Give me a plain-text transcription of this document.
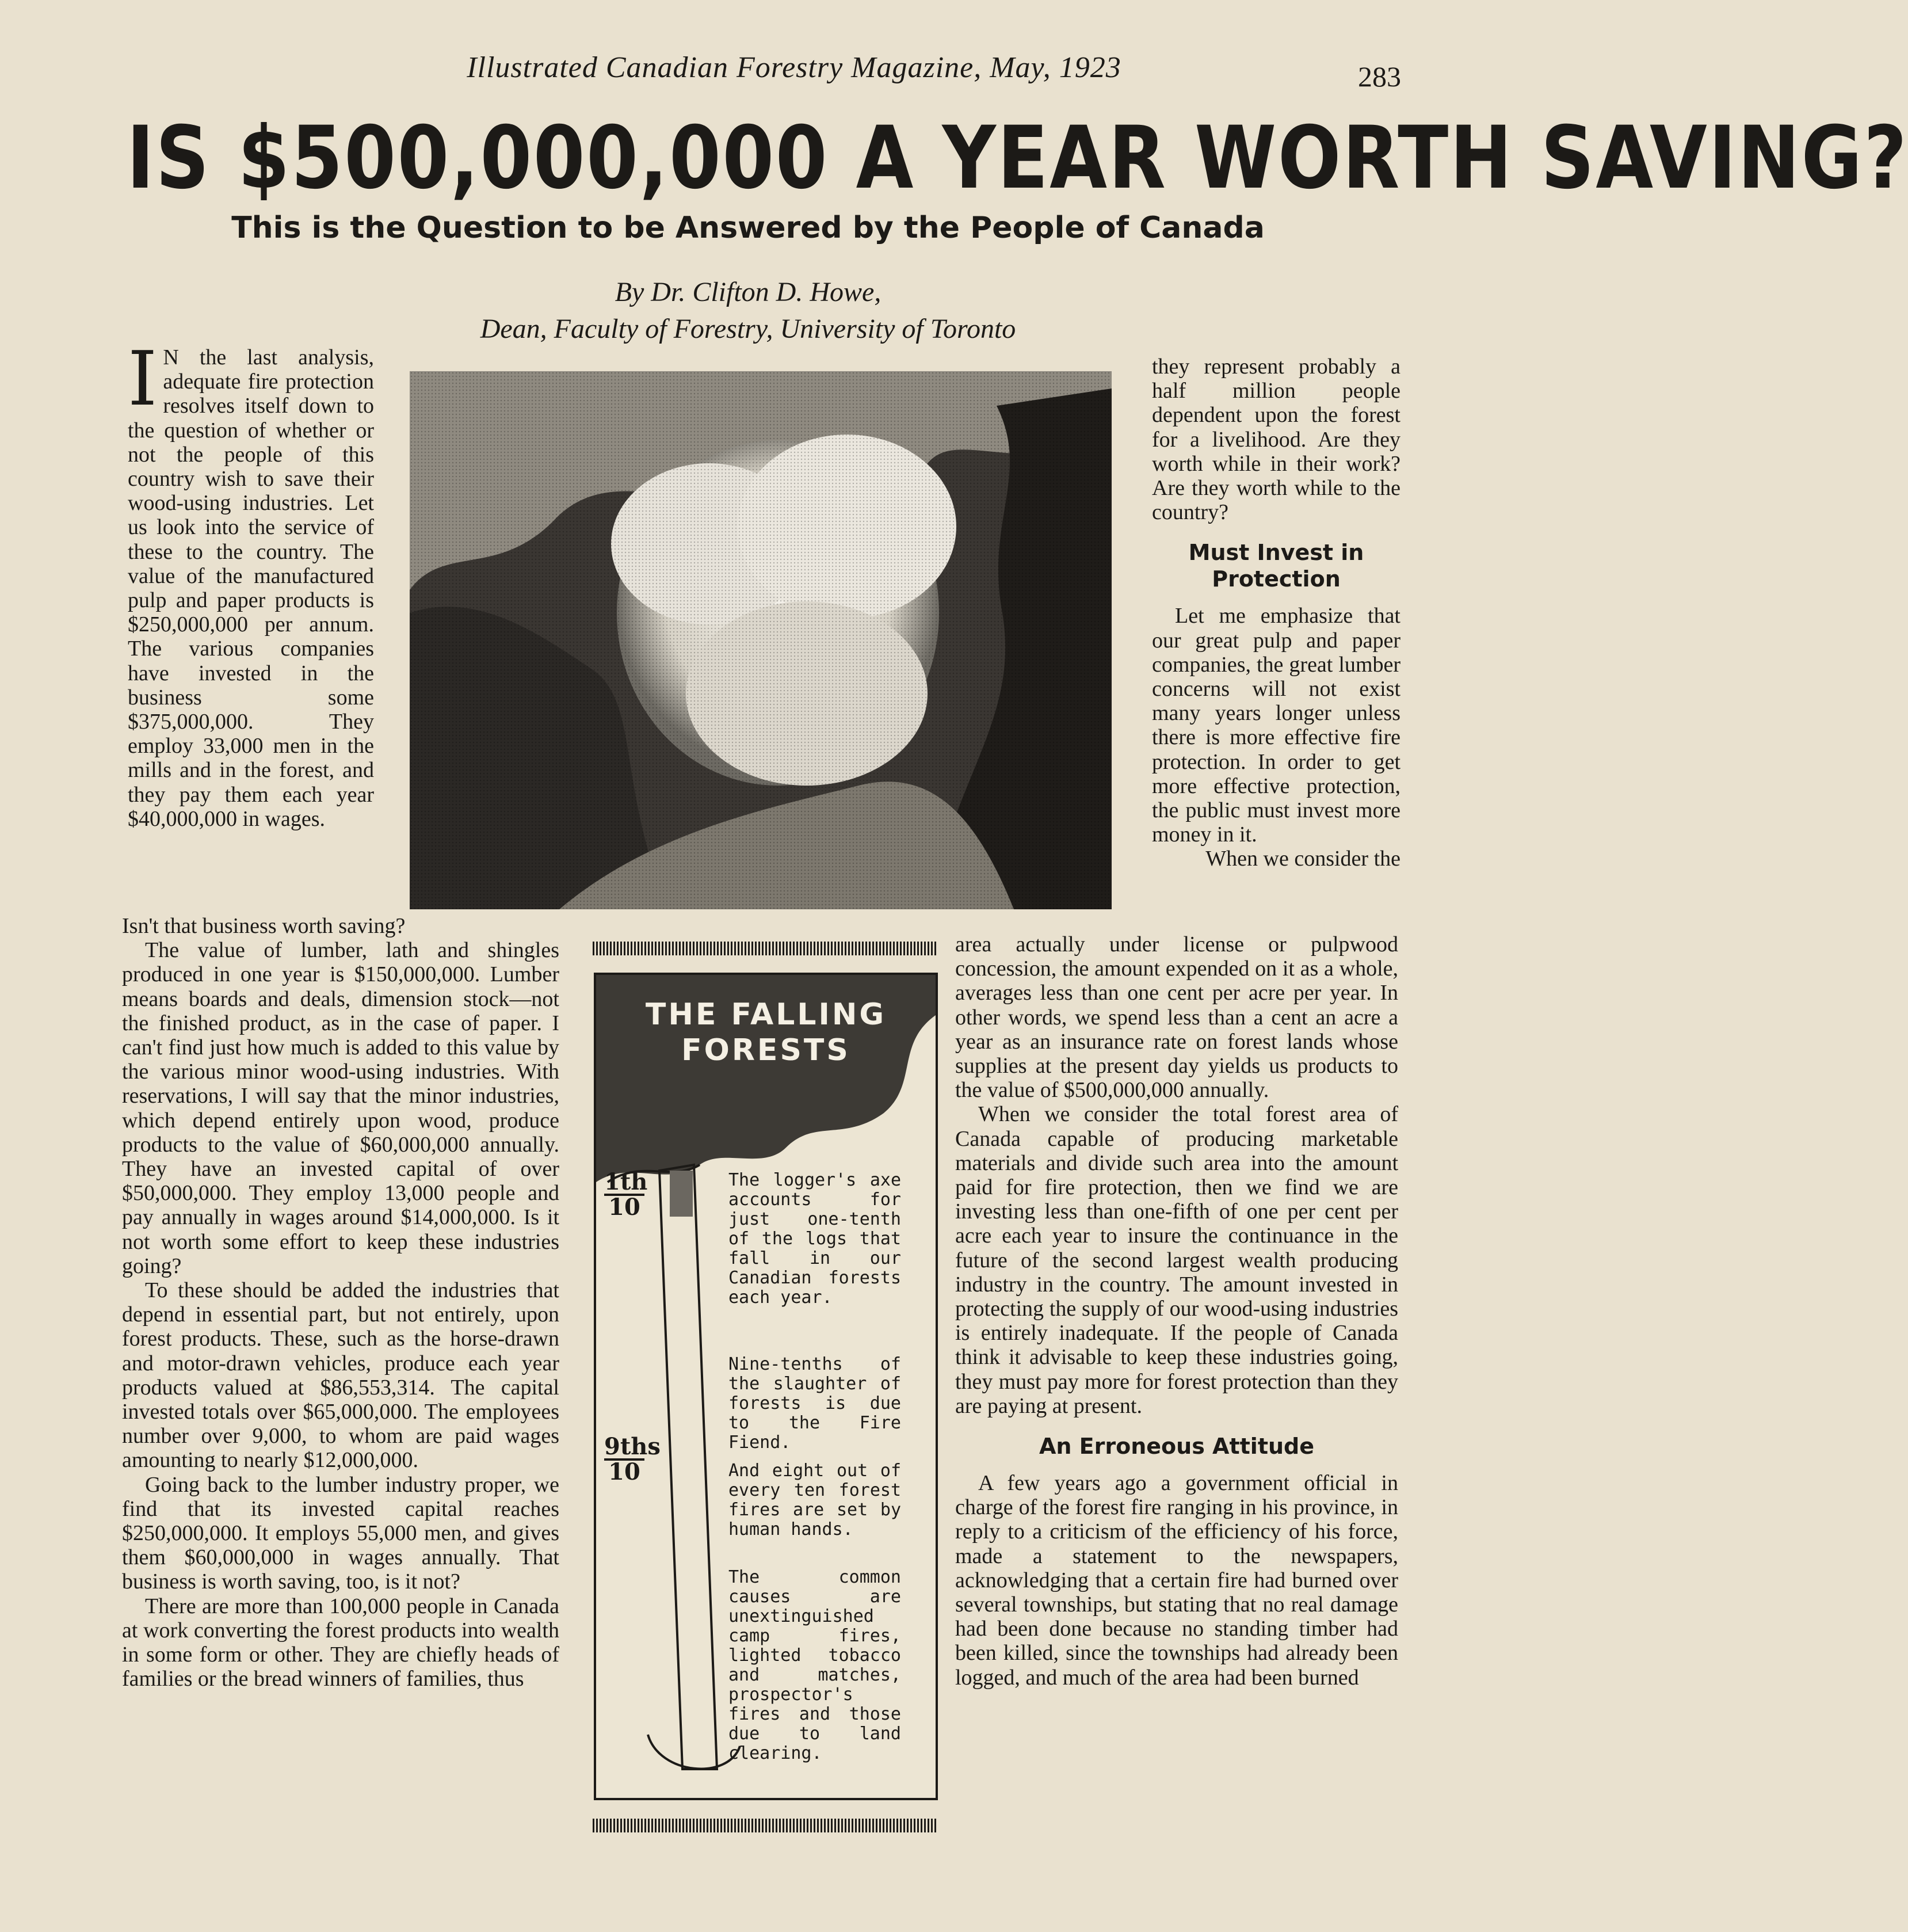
Illustrated Canadian Forestry Magazine, May, 1923	283
IS $500,000,000 A YEAR WORTH SAVING?
This is the Question to be Answered by the People of Canada
By Dr. Clifton D. Howe,
Dean, Faculty of Forestry, University of Toronto
I N the last analysis, adequate fire protection resolves itself down to the question of whether or not the people of this country wish to save their wood-using industries. Let us look into the service of these to the country. The value of the manufactured pulp and paper products is $250,000,000 per annum. The various companies have invested in the business some $375,000,000. They employ 33,000 men in the mills and in the forest, and they pay them each year $40,000,000 in wages.

they represent probably a half million people dependent upon the forest for a livelihood. Are they worth while in their work? Are they worth while to the country?

Must Invest in Protection

Let me emphasize that our great pulp and paper companies, the great lumber concerns will not exist many years longer unless there is more effective fire protection. In order to get more effective protection, the public must invest more money in it.

When we consider the

Isn't that business worth saving?

The value of lumber, lath and shingles produced in one year is $150,000,000. Lumber means boards and deals, dimension stock—not the finished product, as in the case of paper. I can't find just how much is added to this value by the various minor wood-using industries. With reservations, I will say that the minor industries, which depend entirely upon wood, produce products to the value of $60,000,000 annually. They have an invested capital of over $50,000,000. They employ 13,000 people and pay annually in wages around $14,000,000. Is it not worth some effort to keep these industries going?

To these should be added the industries that depend in essential part, but not entirely, upon forest products. These, such as the horse-drawn and motor-drawn vehicles, produce each year products valued at $86,553,314. The capital invested totals over $65,000,000. The employees number over 9,000, to whom are paid wages amounting to nearly $12,000,000.

Going back to the lumber industry proper, we find that its invested capital reaches $250,000,000. It employs 55,000 men, and gives them $60,000,000 in wages annually. That business is worth saving, too, is it not?

There are more than 100,000 people in Canada at work converting the forest products into wealth in some form or other. They are chiefly heads of families or the bread winners of families, thus

THE FALLING
FORESTS
$\frac{1th}{10}$
9ths
10
The logger's axe accounts for just one-tenth of the logs that fall in our Canadian forests each year.
Nine-tenths of the slaughter of forests is due to the Fire Fiend.
And eight out of every ten forest fires are set by human hands.
The common causes are unextinguished camp fires, lighted tobacco and matches, prospector's fires and those due to land clearing.

area actually under license or pulpwood concession, the amount expended on it as a whole, averages less than one cent per acre per year. In other words, we spend less than a cent an acre a year as an insurance rate on forest lands whose supplies at the present day yields us products to the value of $500,000,000 annually.

When we consider the total forest area of Canada capable of producing marketable materials and divide such area into the amount paid for fire protection, then we find we are investing less than one-fifth of one per cent per acre each year to insure the continuance in the future of the second largest wealth producing industry in the country. The amount invested in protecting the supply of our wood-using industries is entirely inadequate. If the people of Canada think it advisable to keep these industries going, they must pay more for forest protection than they are paying at present.

An Erroneous Attitude

A few years ago a government official in charge of the forest fire ranging in his province, in reply to a criticism of the efficiency of his force, made a statement to the newspapers, acknowledging that a certain fire had burned over several townships, but stating that no real damage had been done because no standing timber had been killed, since the townships had already been logged, and much of the area had been burned
